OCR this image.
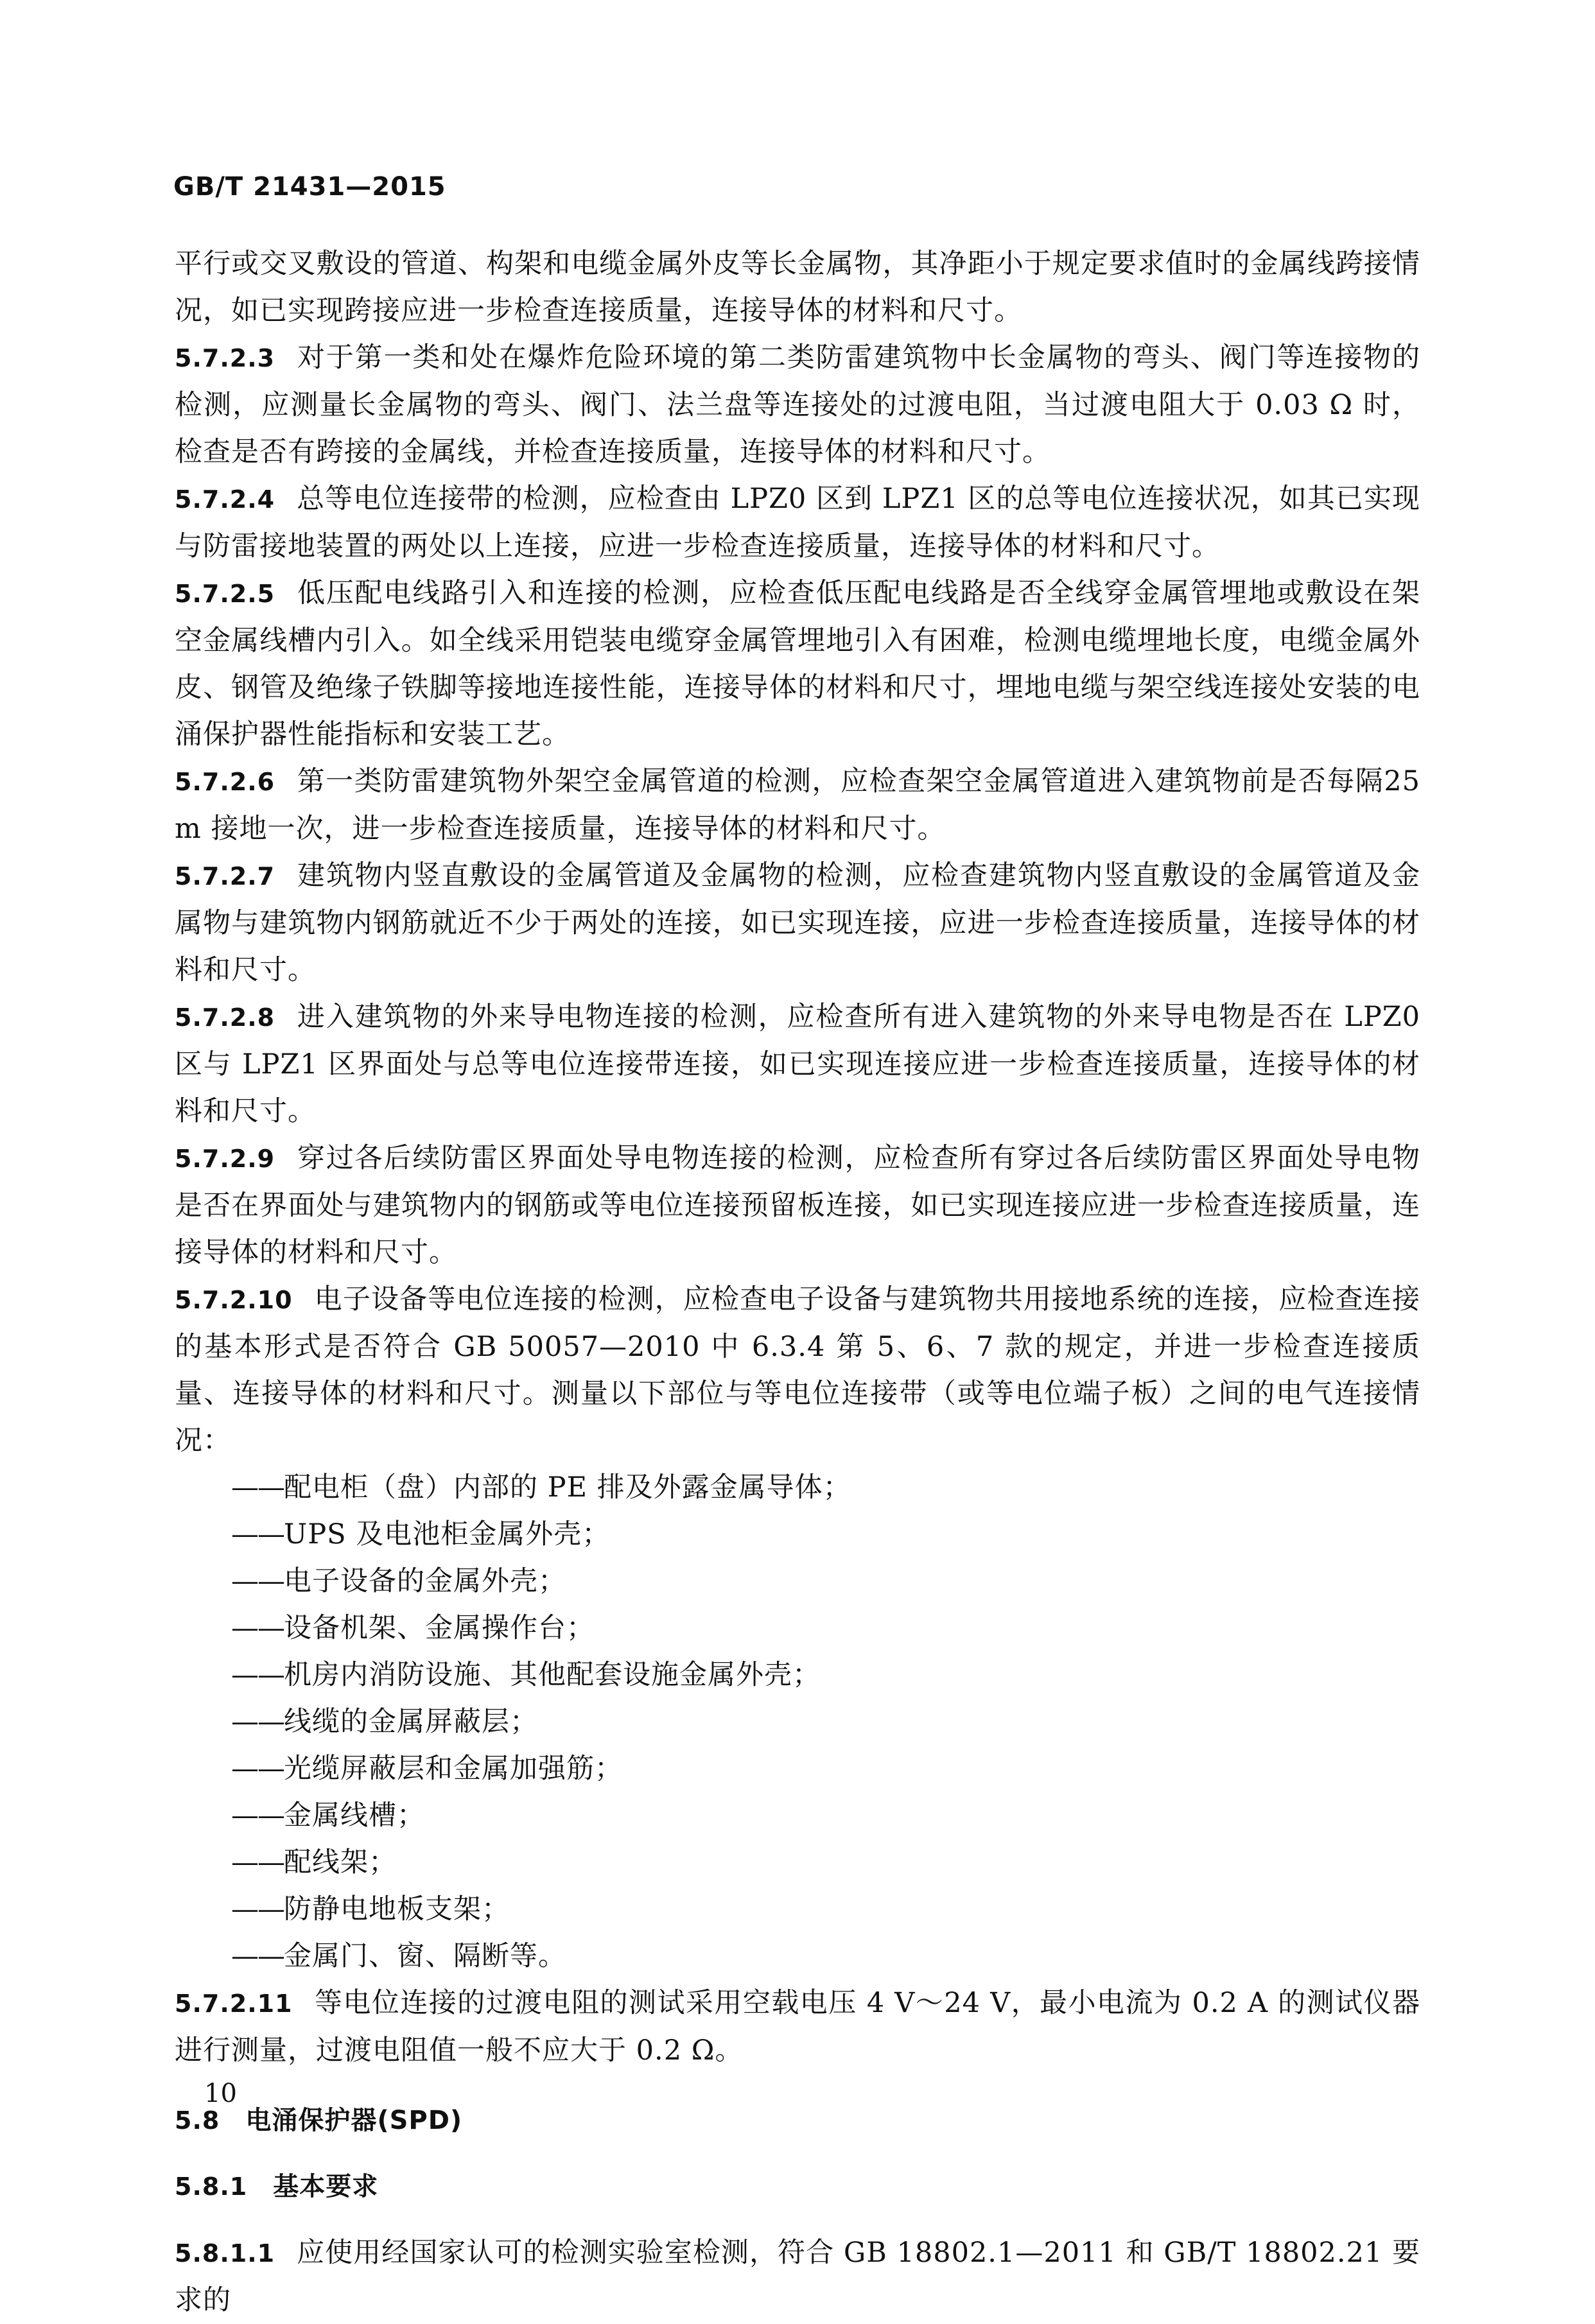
GB/T 21431—2015

平行或交叉敷设的管道、构架和电缆金属外皮等长金属物，其净距小于规定要求值时的金属线跨接情况，如已实现跨接应进一步检查连接质量，连接导体的材料和尺寸。

5.7.2.3 对于第一类和处在爆炸危险环境的第二类防雷建筑物中长金属物的弯头、阀门等连接物的检测，应测量长金属物的弯头、阀门、法兰盘等连接处的过渡电阻，当过渡电阻大于 0.03 Ω 时，检查是否有跨接的金属线，并检查连接质量，连接导体的材料和尺寸。

5.7.2.4 总等电位连接带的检测，应检查由 LPZ0 区到 LPZ1 区的总等电位连接状况，如其已实现与防雷接地装置的两处以上连接，应进一步检查连接质量，连接导体的材料和尺寸。

5.7.2.5 低压配电线路引入和连接的检测，应检查低压配电线路是否全线穿金属管埋地或敷设在架空金属线槽内引入。如全线采用铠装电缆穿金属管埋地引入有困难，检测电缆埋地长度，电缆金属外皮、钢管及绝缘子铁脚等接地连接性能，连接导体的材料和尺寸，埋地电缆与架空线连接处安装的电涌保护器性能指标和安装工艺。

5.7.2.6 第一类防雷建筑物外架空金属管道的检测，应检查架空金属管道进入建筑物前是否每隔25 m 接地一次，进一步检查连接质量，连接导体的材料和尺寸。

5.7.2.7 建筑物内竖直敷设的金属管道及金属物的检测，应检查建筑物内竖直敷设的金属管道及金属物与建筑物内钢筋就近不少于两处的连接，如已实现连接，应进一步检查连接质量，连接导体的材料和尺寸。

5.7.2.8 进入建筑物的外来导电物连接的检测，应检查所有进入建筑物的外来导电物是否在 LPZ0 区与 LPZ1 区界面处与总等电位连接带连接，如已实现连接应进一步检查连接质量，连接导体的材料和尺寸。

5.7.2.9 穿过各后续防雷区界面处导电物连接的检测，应检查所有穿过各后续防雷区界面处导电物是否在界面处与建筑物内的钢筋或等电位连接预留板连接，如已实现连接应进一步检查连接质量，连接导体的材料和尺寸。

5.7.2.10 电子设备等电位连接的检测，应检查电子设备与建筑物共用接地系统的连接，应检查连接的基本形式是否符合 GB 50057—2010 中 6.3.4 第 5、6、7 款的规定，并进一步检查连接质量、连接导体的材料和尺寸。测量以下部位与等电位连接带（或等电位端子板）之间的电气连接情况：

——配电柜（盘）内部的 PE 排及外露金属导体；
——UPS 及电池柜金属外壳；
——电子设备的金属外壳；
——设备机架、金属操作台；
——机房内消防设施、其他配套设施金属外壳；
——线缆的金属屏蔽层；
——光缆屏蔽层和金属加强筋；
——金属线槽；
——配线架；
——防静电地板支架；
——金属门、窗、隔断等。

5.7.2.11 等电位连接的过渡电阻的测试采用空载电压 4 V～24 V，最小电流为 0.2 A 的测试仪器进行测量，过渡电阻值一般不应大于 0.2 Ω。

5.8 电涌保护器(SPD)

5.8.1 基本要求

5.8.1.1 应使用经国家认可的检测实验室检测，符合 GB 18802.1—2011 和 GB/T 18802.21 要求的

10
